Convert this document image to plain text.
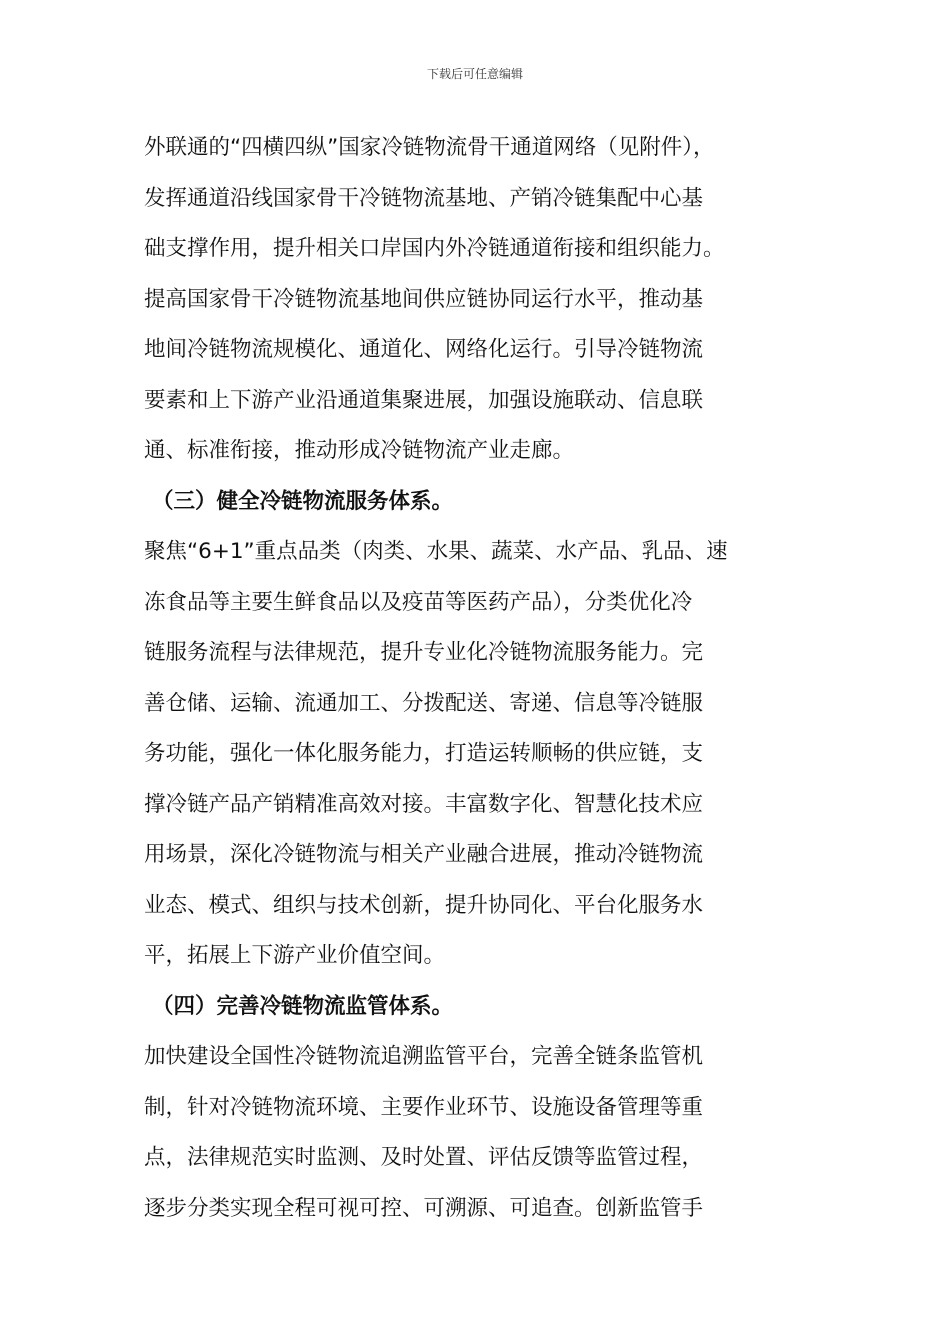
下载后可任意编辑
外联通的“四横四纵”国家冷链物流骨干通道网络（见附件），
发挥通道沿线国家骨干冷链物流基地、产销冷链集配中心基
础支撑作用，提升相关口岸国内外冷链通道衔接和组织能力。
提高国家骨干冷链物流基地间供应链协同运行水平，推动基
地间冷链物流规模化、通道化、网络化运行。引导冷链物流
要素和上下游产业沿通道集聚进展，加强设施联动、信息联
通、标准衔接，推动形成冷链物流产业走廊。
（三）健全冷链物流服务体系。
聚焦“6+1”重点品类（肉类、水果、蔬菜、水产品、乳品、速
冻食品等主要生鲜食品以及疫苗等医药产品），分类优化冷
链服务流程与法律规范，提升专业化冷链物流服务能力。完
善仓储、运输、流通加工、分拨配送、寄递、信息等冷链服
务功能，强化一体化服务能力，打造运转顺畅的供应链，支
撑冷链产品产销精准高效对接。丰富数字化、智慧化技术应
用场景，深化冷链物流与相关产业融合进展，推动冷链物流
业态、模式、组织与技术创新，提升协同化、平台化服务水
平，拓展上下游产业价值空间。
（四）完善冷链物流监管体系。
加快建设全国性冷链物流追溯监管平台，完善全链条监管机
制，针对冷链物流环境、主要作业环节、设施设备管理等重
点，法律规范实时监测、及时处置、评估反馈等监管过程，
逐步分类实现全程可视可控、可溯源、可追查。创新监管手
